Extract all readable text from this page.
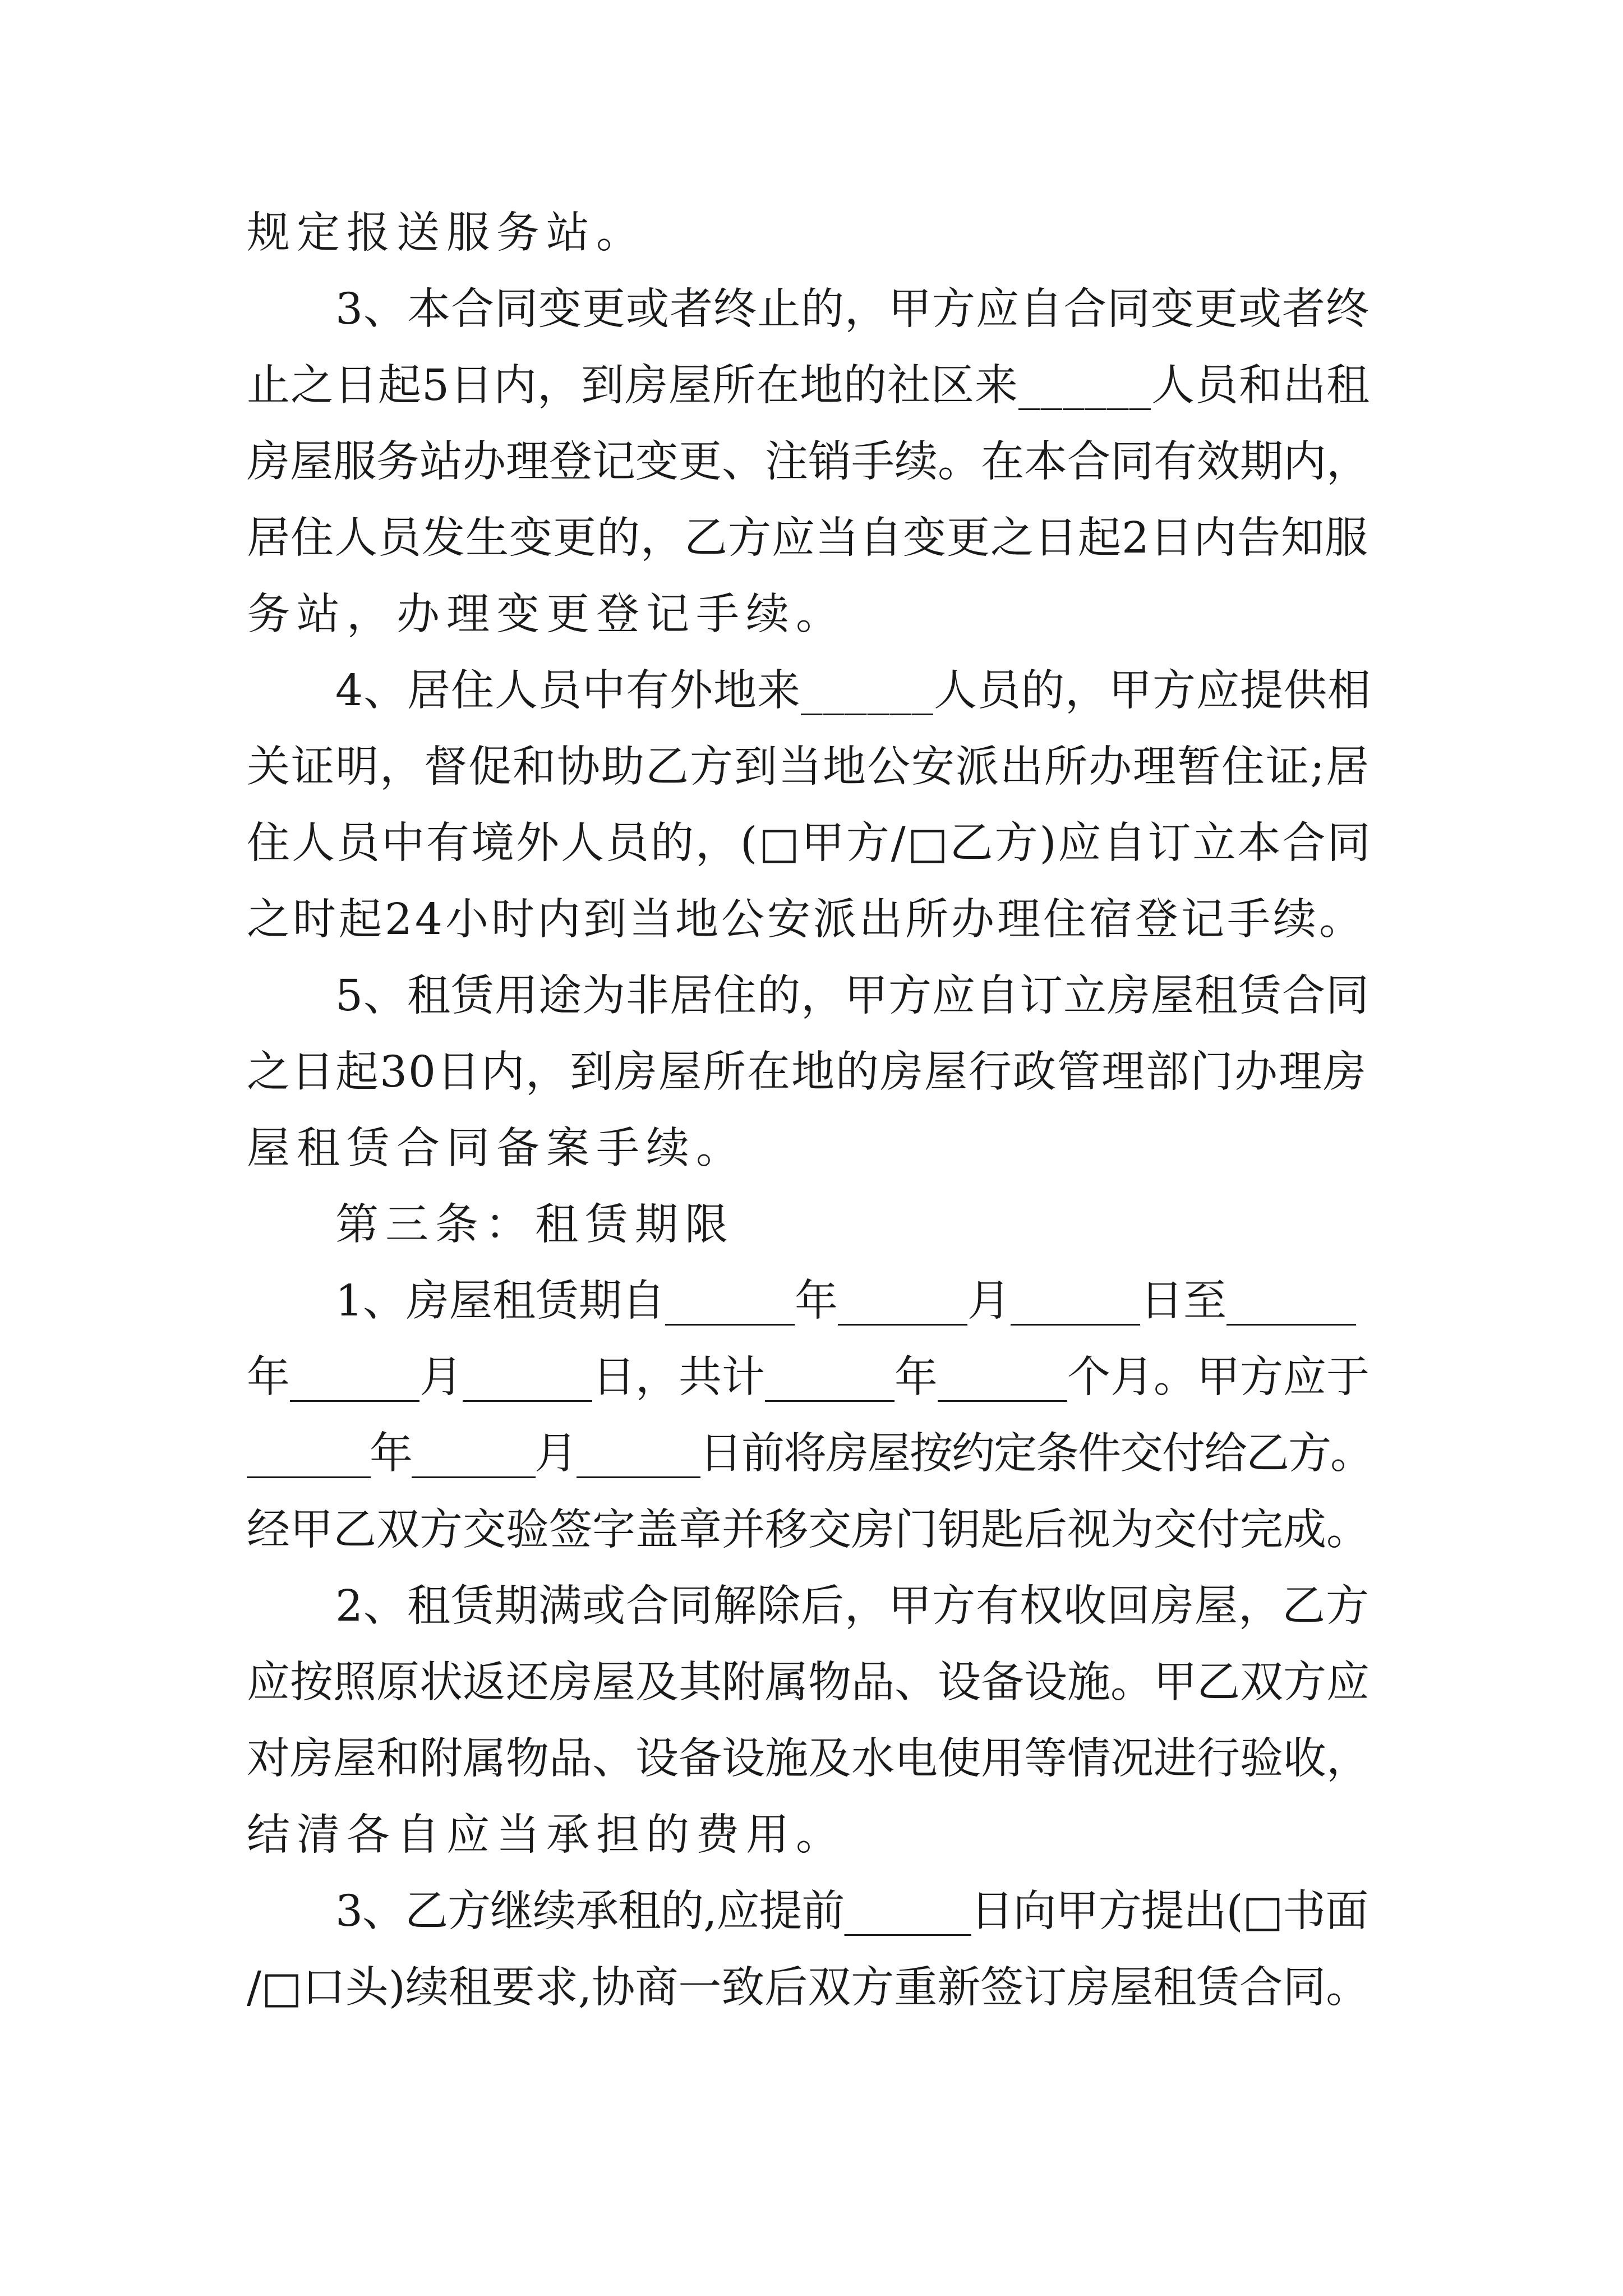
规定报送服务站。

3、本合同变更或者终止的，甲方应自合同变更或者终

止之日起5日内，到房屋所在地的社区来______人员和出租

房屋服务站办理登记变更、注销手续。在本合同有效期内，

居住人员发生变更的，乙方应当自变更之日起2日内告知服

务站，办理变更登记手续。

4、居住人员中有外地来______人员的，甲方应提供相

关证明，督促和协助乙方到当地公安派出所办理暂住证;居

住人员中有境外人员的，(□甲方/□乙方)应自订立本合同

之时起24小时内到当地公安派出所办理住宿登记手续。

5、租赁用途为非居住的，甲方应自订立房屋租赁合同

之日起30日内，到房屋所在地的房屋行政管理部门办理房

屋租赁合同备案手续。

第三条：租赁期限

1、房屋租赁期自______年______月______日至______

年______月______日，共计______年______个月。甲方应于

______年______月______日前将房屋按约定条件交付给乙方。

经甲乙双方交验签字盖章并移交房门钥匙后视为交付完成。

2、租赁期满或合同解除后，甲方有权收回房屋，乙方

应按照原状返还房屋及其附属物品、设备设施。甲乙双方应

对房屋和附属物品、设备设施及水电使用等情况进行验收，

结清各自应当承担的费用。

3、乙方继续承租的,应提前______日向甲方提出(□书面

/□口头)续租要求,协商一致后双方重新签订房屋租赁合同。
